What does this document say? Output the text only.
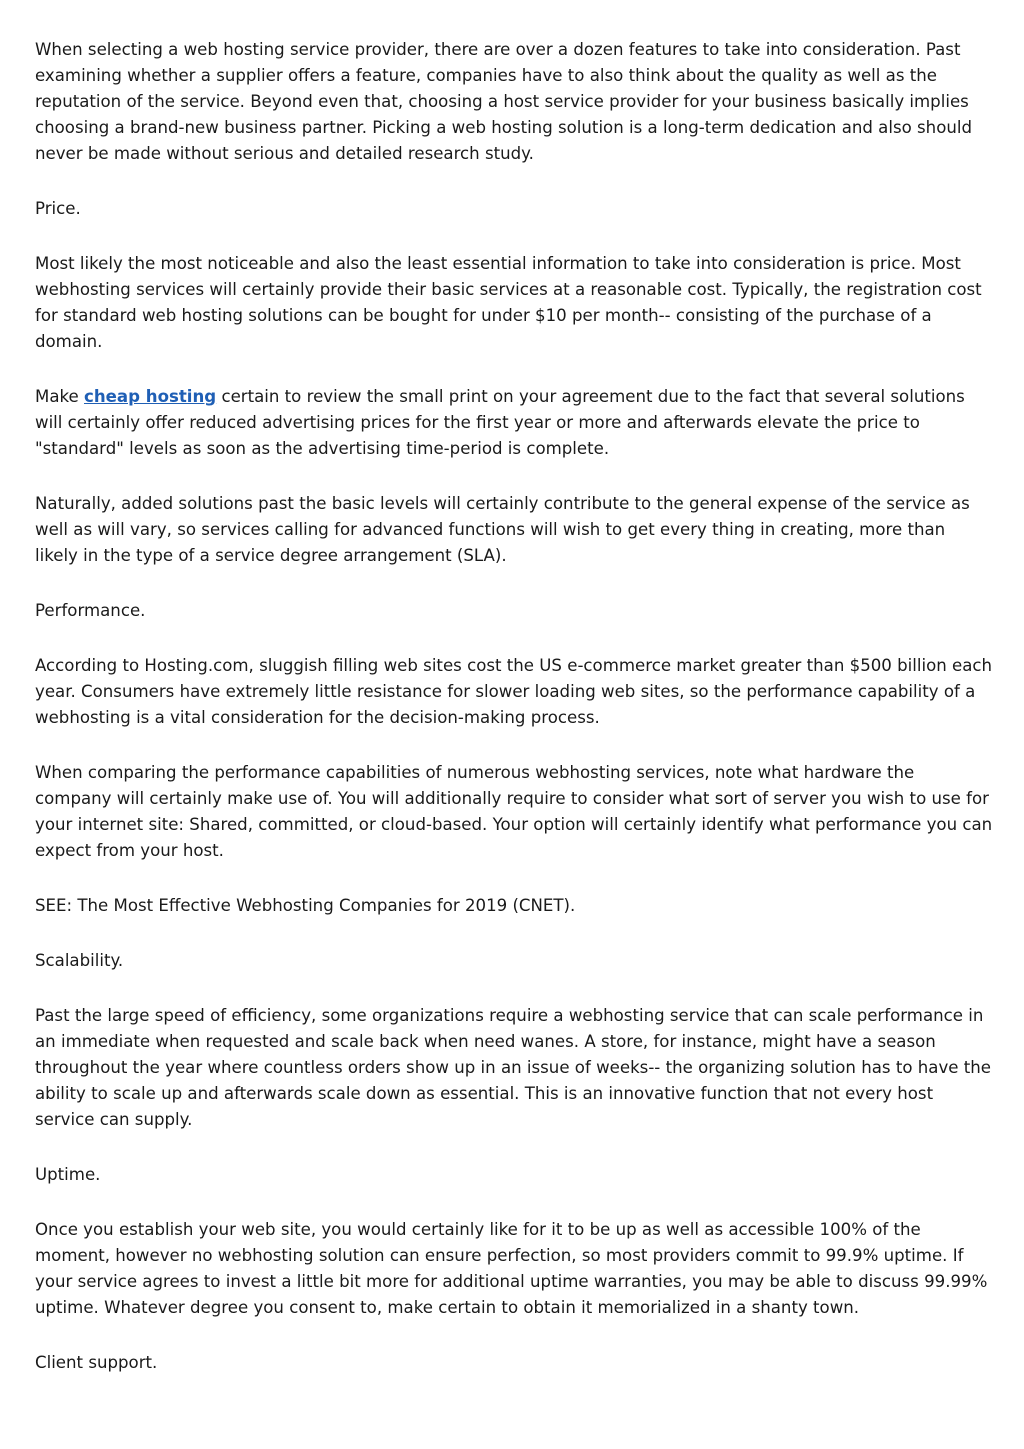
When selecting a web hosting service provider, there are over a dozen features to take into consideration. Past examining whether a supplier offers a feature, companies have to also think about the quality as well as the reputation of the service. Beyond even that, choosing a host service provider for your business basically implies choosing a brand-new business partner. Picking a web hosting solution is a long-term dedication and also should never be made without serious and detailed research study.

Price.

Most likely the most noticeable and also the least essential information to take into consideration is price. Most webhosting services will certainly provide their basic services at a reasonable cost. Typically, the registration cost for standard web hosting solutions can be bought for under $10 per month-- consisting of the purchase of a domain.

Make cheap hosting certain to review the small print on your agreement due to the fact that several solutions will certainly offer reduced advertising prices for the first year or more and afterwards elevate the price to "standard" levels as soon as the advertising time-period is complete.

Naturally, added solutions past the basic levels will certainly contribute to the general expense of the service as well as will vary, so services calling for advanced functions will wish to get every thing in creating, more than likely in the type of a service degree arrangement (SLA).

Performance.

According to Hosting.com, sluggish filling web sites cost the US e-commerce market greater than $500 billion each year. Consumers have extremely little resistance for slower loading web sites, so the performance capability of a webhosting is a vital consideration for the decision-making process.

When comparing the performance capabilities of numerous webhosting services, note what hardware the company will certainly make use of. You will additionally require to consider what sort of server you wish to use for your internet site: Shared, committed, or cloud-based. Your option will certainly identify what performance you can expect from your host.

SEE: The Most Effective Webhosting Companies for 2019 (CNET).

Scalability.

Past the large speed of efficiency, some organizations require a webhosting service that can scale performance in an immediate when requested and scale back when need wanes. A store, for instance, might have a season throughout the year where countless orders show up in an issue of weeks-- the organizing solution has to have the ability to scale up and afterwards scale down as essential. This is an innovative function that not every host service can supply.

Uptime.

Once you establish your web site, you would certainly like for it to be up as well as accessible 100% of the moment, however no webhosting solution can ensure perfection, so most providers commit to 99.9% uptime. If your service agrees to invest a little bit more for additional uptime warranties, you may be able to discuss 99.99% uptime. Whatever degree you consent to, make certain to obtain it memorialized in a shanty town.

Client support.
